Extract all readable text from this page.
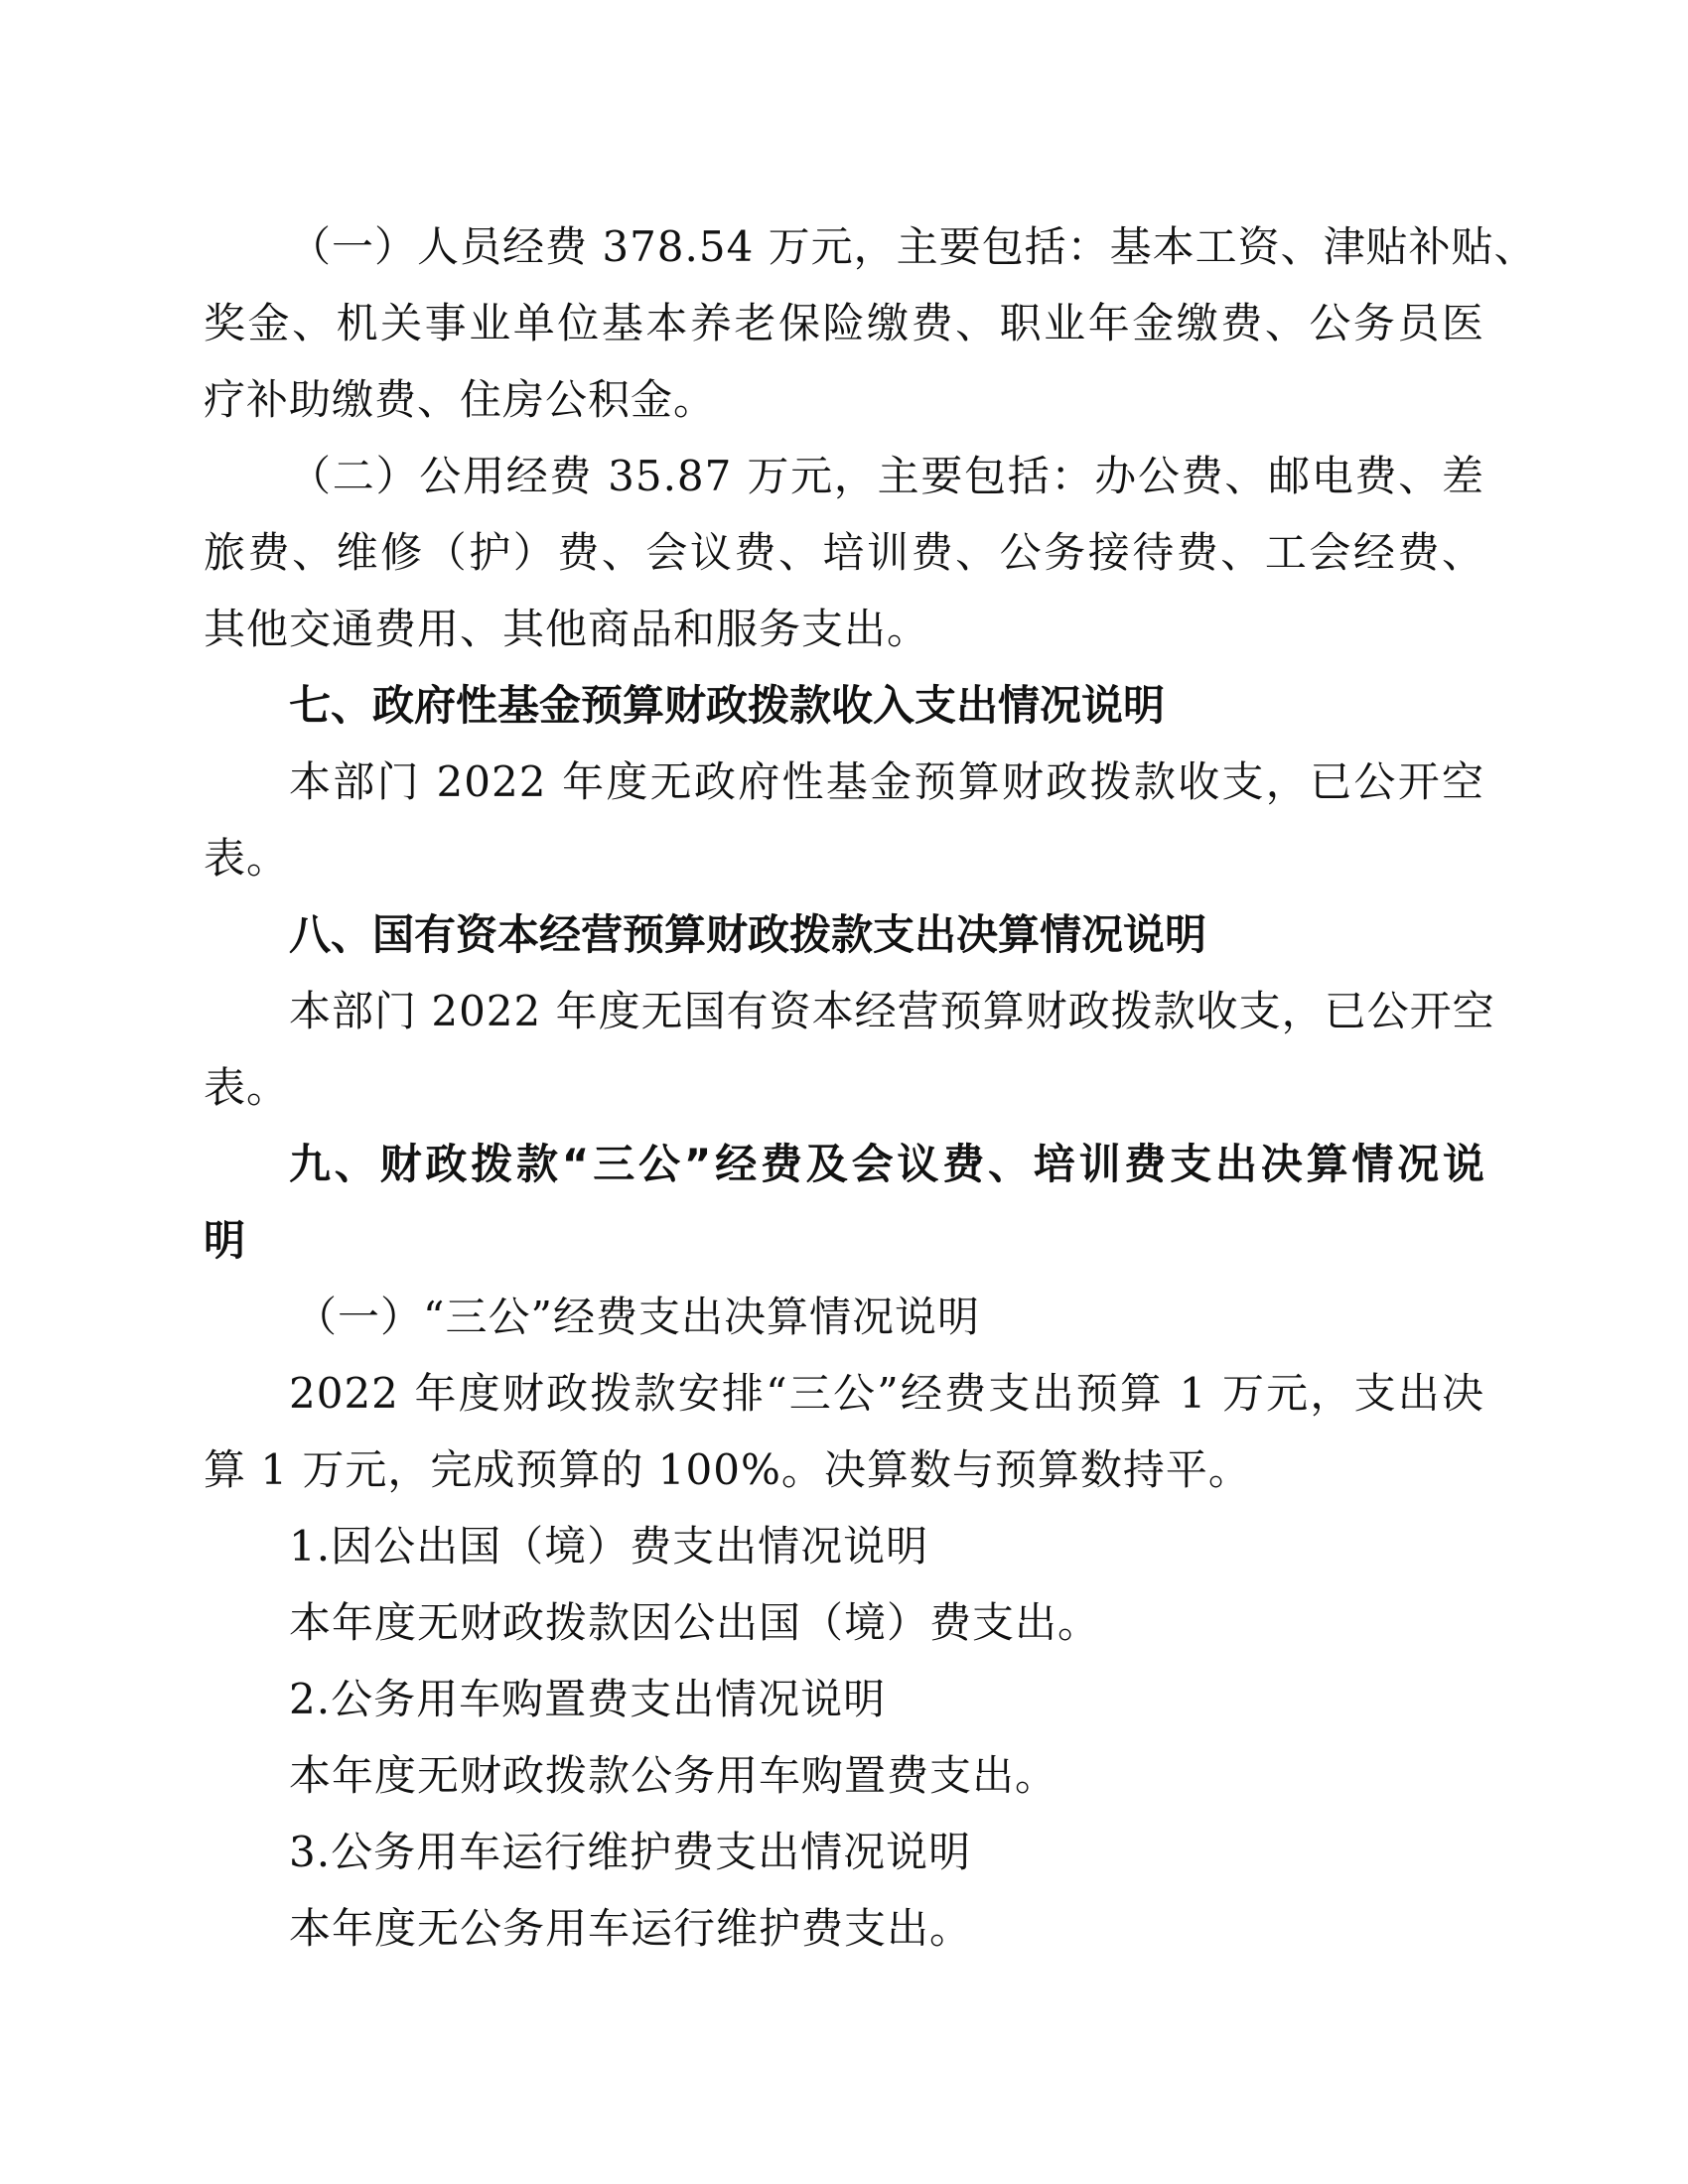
（一）人员经费 378.54 万元，主要包括：基本工资、津贴补贴、

奖金、机关事业单位基本养老保险缴费、职业年金缴费、公务员医

疗补助缴费、住房公积金。

（二）公用经费 35.87 万元，主要包括：办公费、邮电费、差

旅费、维修（护）费、会议费、培训费、公务接待费、工会经费、

其他交通费用、其他商品和服务支出。

七、政府性基金预算财政拨款收入支出情况说明

本部门 2022 年度无政府性基金预算财政拨款收支，已公开空

表。

八、国有资本经营预算财政拨款支出决算情况说明

本部门 2022 年度无国有资本经营预算财政拨款收支，已公开空

表。

九、财政拨款“三公”经费及会议费、培训费支出决算情况说

明

（一）“三公”经费支出决算情况说明

2022 年度财政拨款安排“三公”经费支出预算 1 万元，支出决

算 1 万元，完成预算的 100%。决算数与预算数持平。

1.因公出国（境）费支出情况说明

本年度无财政拨款因公出国（境）费支出。

2.公务用车购置费支出情况说明

本年度无财政拨款公务用车购置费支出。

3.公务用车运行维护费支出情况说明

本年度无公务用车运行维护费支出。
